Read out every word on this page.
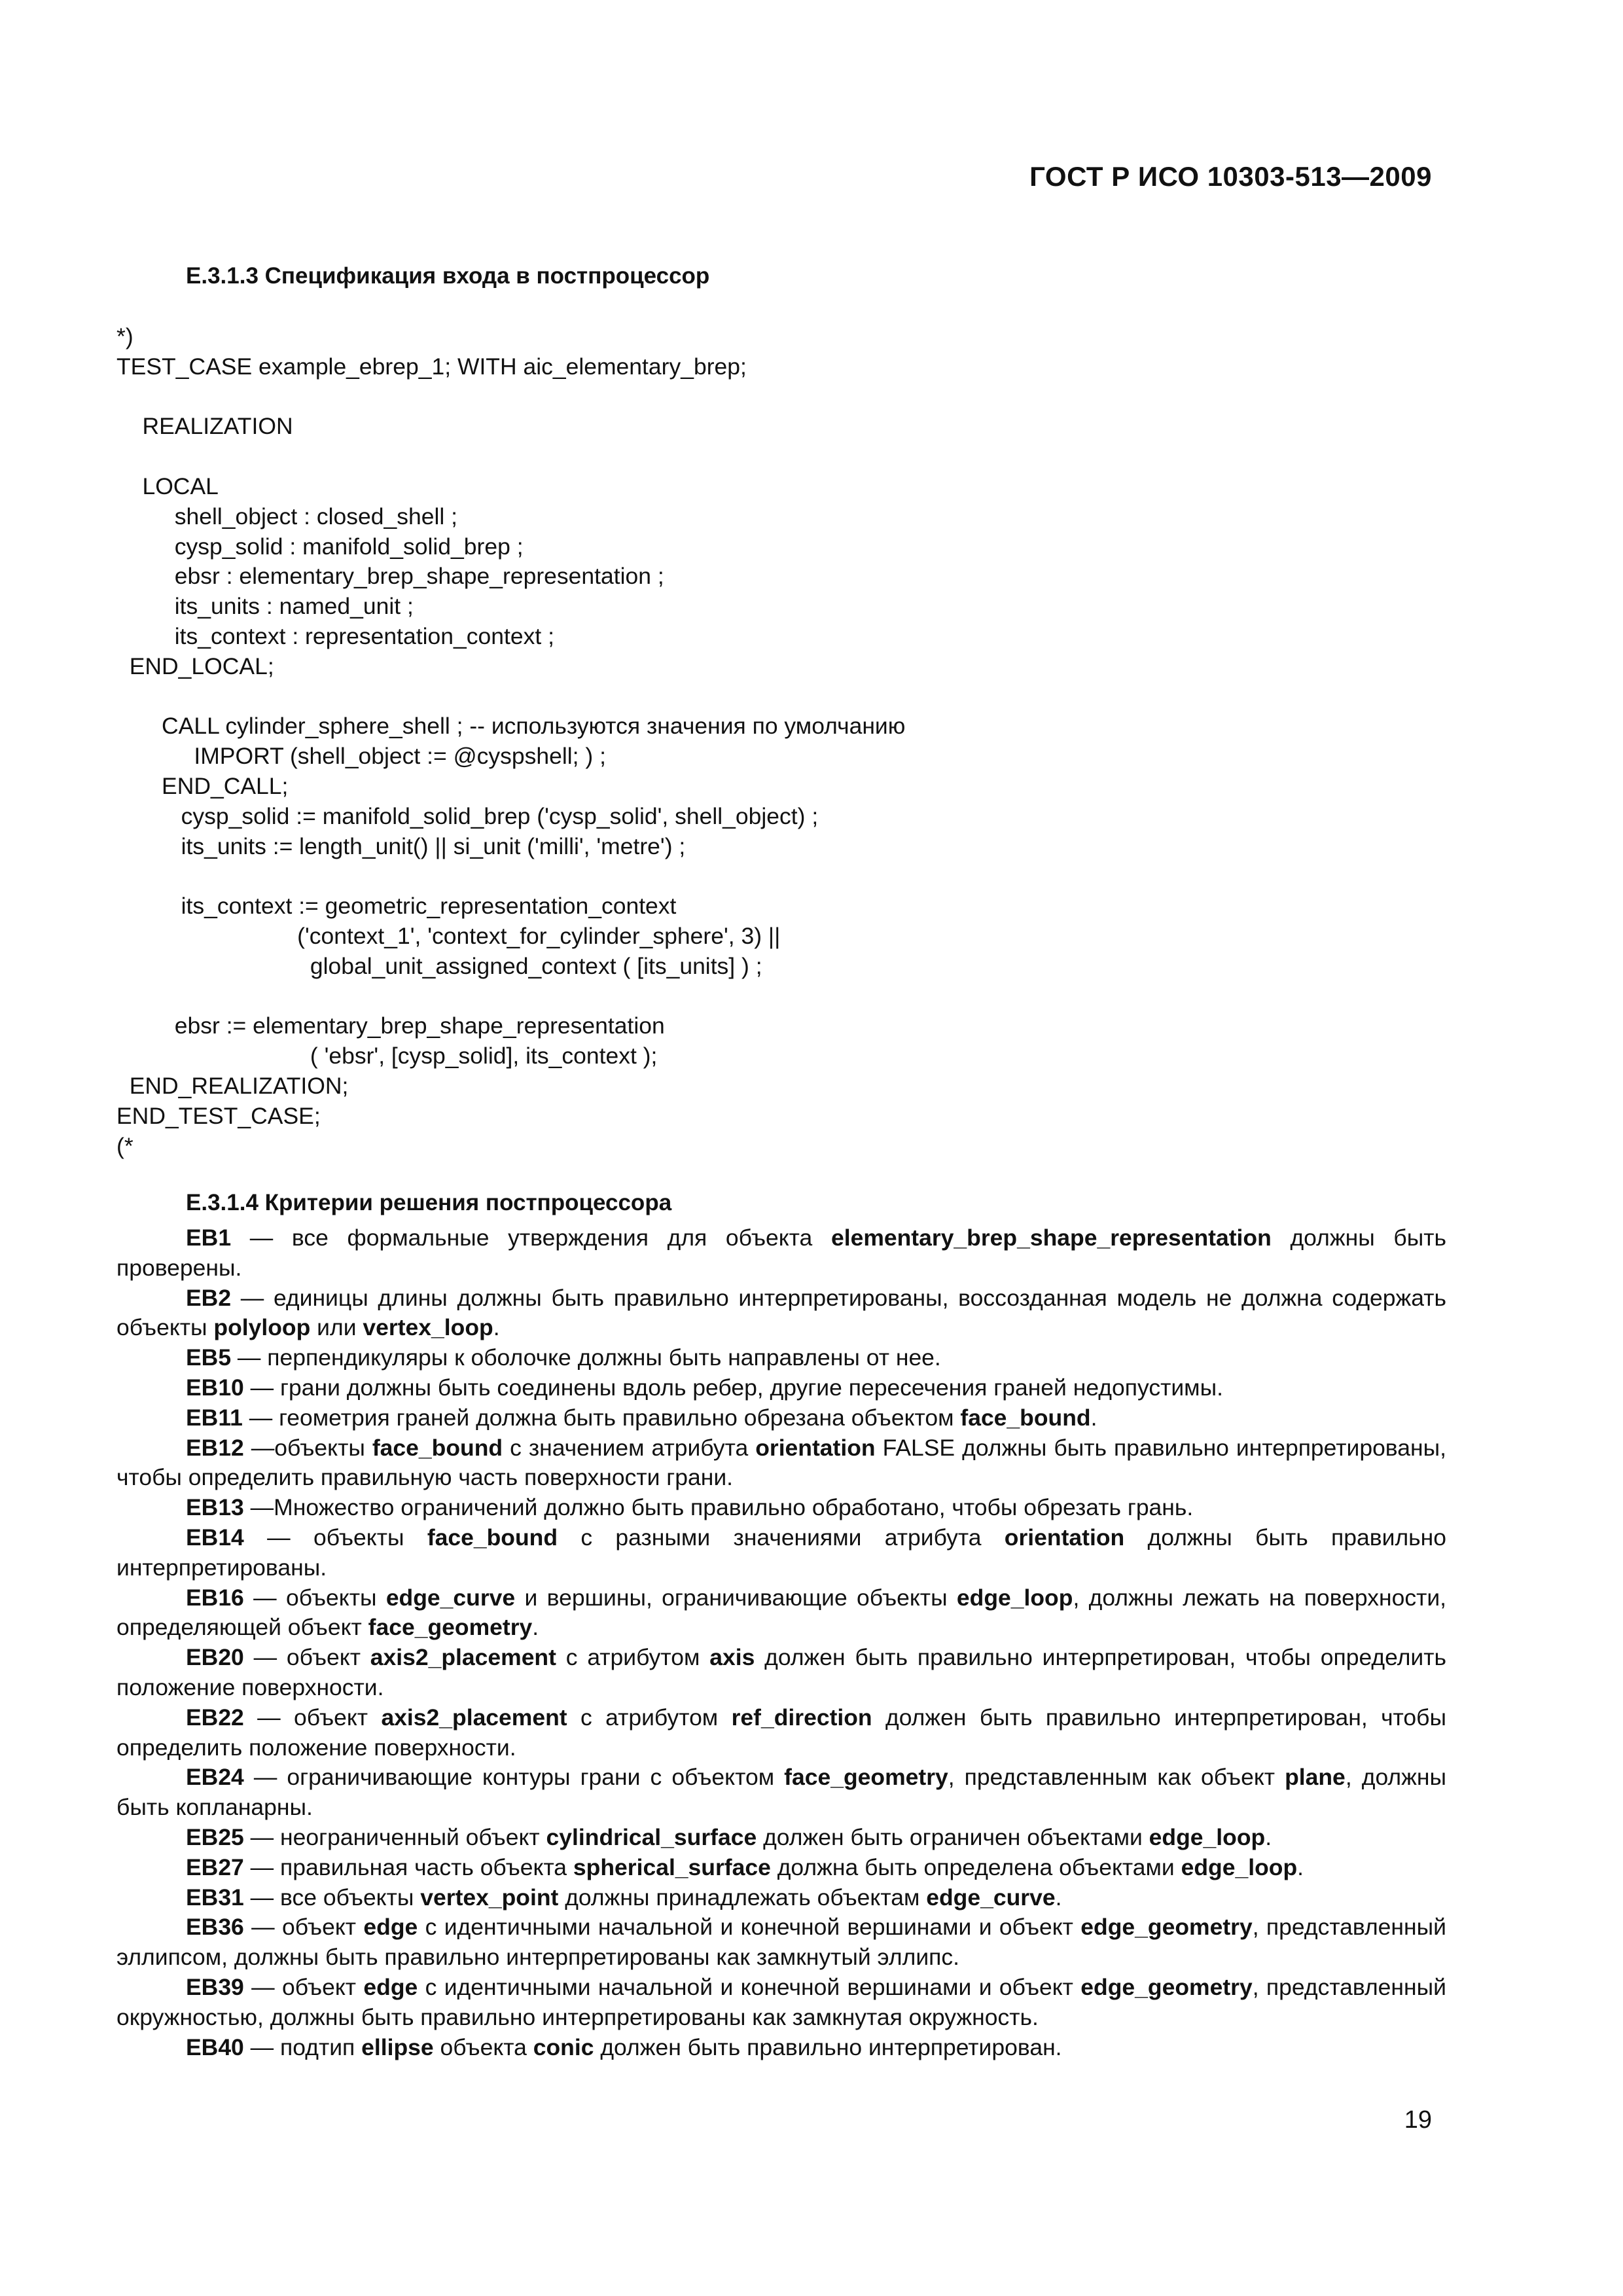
ГОСТ Р ИСО 10303-513—2009
Е.3.1.3 Спецификация входа в постпроцессор
*)
TEST_CASE example_ebrep_1; WITH aic_elementary_brep;
REALIZATION
LOCAL
shell_object : closed_shell ;
cysp_solid : manifold_solid_brep ;
ebsr : elementary_brep_shape_representation ;
its_units : named_unit ;
its_context : representation_context ;
END_LOCAL;
CALL cylinder_sphere_shell ; -- используются значения по умолчанию
IMPORT (shell_object := @cyspshell; ) ;
END_CALL;
cysp_solid := manifold_solid_brep ('cysp_solid', shell_object) ;
its_units := length_unit() || si_unit ('milli', 'metre') ;
its_context := geometric_representation_context
('context_1', 'context_for_cylinder_sphere', 3) ||
global_unit_assigned_context ( [its_units] ) ;
ebsr := elementary_brep_shape_representation
( 'ebsr', [cysp_solid], its_context );
END_REALIZATION;
END_TEST_CASE;
(*
Е.3.1.4 Критерии решения постпроцессора
EB1 — все формальные утверждения для объекта elementary_brep_shape_representation должны быть проверены.
EB2 — единицы длины должны быть правильно интерпретированы, воссозданная модель не должна содержать объекты polyloop или vertex_loop.
EB5 — перпендикуляры к оболочке должны быть направлены от нее.
EB10 — грани должны быть соединены вдоль ребер, другие пересечения граней недопустимы.
EB11 — геометрия граней должна быть правильно обрезана объектом face_bound.
EB12 —объекты face_bound с значением атрибута orientation FALSE должны быть правильно интерпретированы, чтобы определить правильную часть поверхности грани.
EB13 —Множество ограничений должно быть правильно обработано, чтобы обрезать грань.
EB14 — объекты face_bound с разными значениями атрибута orientation должны быть правильно интерпретированы.
EB16 — объекты edge_curve и вершины, ограничивающие объекты edge_loop, должны лежать на поверхности, определяющей объект face_geometry.
EB20 — объект axis2_placement с атрибутом axis должен быть правильно интерпретирован, чтобы определить положение поверхности.
EB22 — объект axis2_placement с атрибутом ref_direction должен быть правильно интерпретирован, чтобы определить положение поверхности.
EB24 — ограничивающие контуры грани с объектом face_geometry, представленным как объект plane, должны быть копланарны.
EB25 — неограниченный объект cylindrical_surface должен быть ограничен объектами edge_loop.
EB27 — правильная часть объекта spherical_surface должна быть определена объектами edge_loop.
EB31 — все объекты vertex_point должны принадлежать объектам edge_curve.
EB36 — объект edge с идентичными начальной и конечной вершинами и объект edge_geometry, представленный эллипсом, должны быть правильно интерпретированы как замкнутый эллипс.
EB39 — объект edge с идентичными начальной и конечной вершинами и объект edge_geometry, представленный окружностью, должны быть правильно интерпретированы как замкнутая окружность.
EB40 — подтип ellipse объекта conic должен быть правильно интерпретирован.
19
